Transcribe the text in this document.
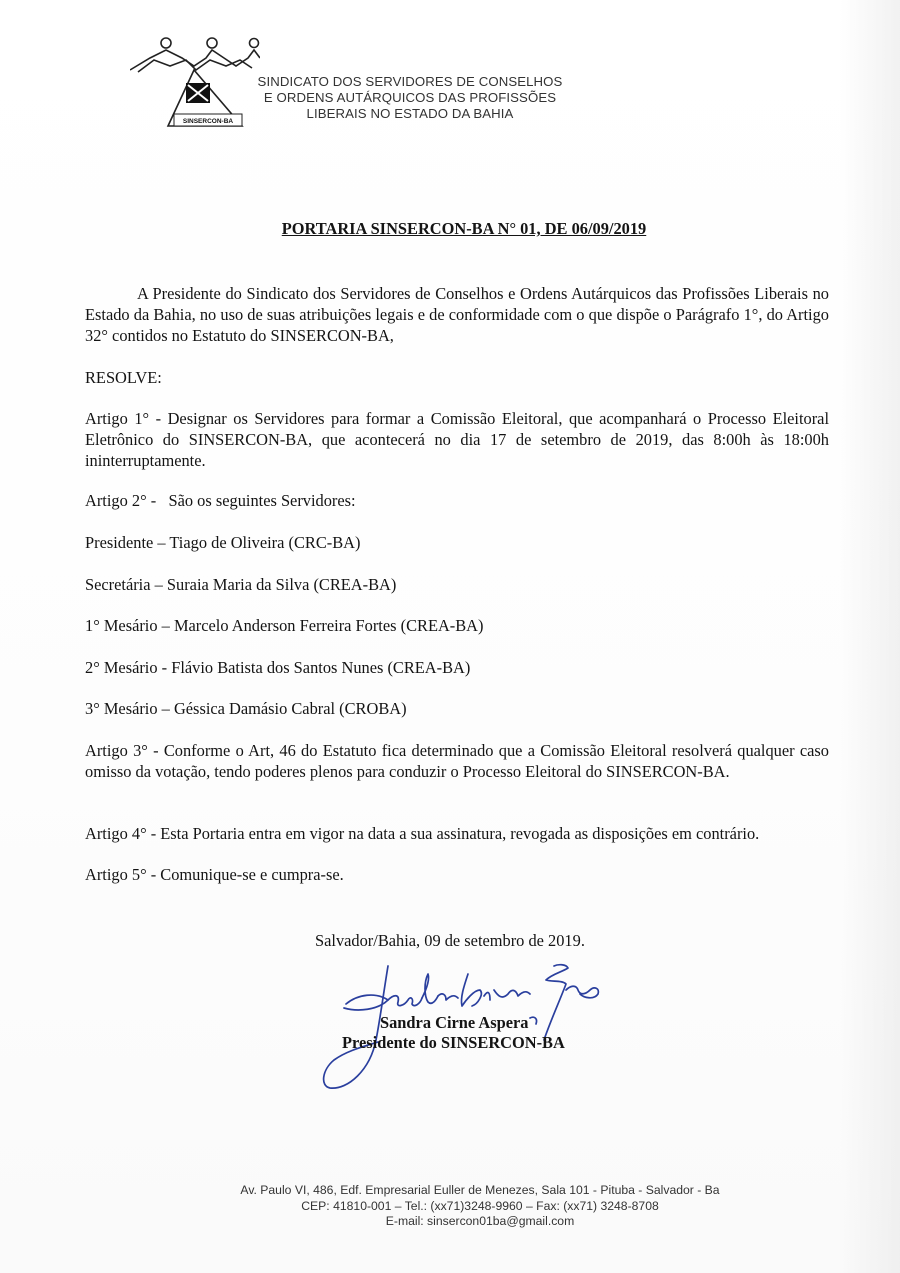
SINSERCON-BA
SINDICATO DOS SERVIDORES DE CONSELHOS
E ORDENS AUTÁRQUICOS DAS PROFISSÕES
LIBERAIS NO ESTADO DA BAHIA
PORTARIA SINSERCON-BA N° 01, DE 06/09/2019
A Presidente do Sindicato dos Servidores de Conselhos e Ordens Autárquicos das Profissões Liberais no Estado da Bahia, no uso de suas atribuições legais e de conformidade com o que dispõe o Parágrafo 1°, do Artigo 32° contidos no Estatuto do SINSERCON-BA,
RESOLVE:
Artigo 1° - Designar os Servidores para formar a Comissão Eleitoral, que acompanhará o Processo Eleitoral Eletrônico do SINSERCON-BA, que acontecerá no dia 17 de setembro de 2019, das 8:00h às 18:00h ininterruptamente.
Artigo 2° -   São os seguintes Servidores:
Presidente – Tiago de Oliveira (CRC-BA)
Secretária – Suraia Maria da Silva (CREA-BA)
1° Mesário – Marcelo Anderson Ferreira Fortes (CREA-BA)
2° Mesário - Flávio Batista dos Santos Nunes (CREA-BA)
3° Mesário – Géssica Damásio Cabral (CROBA)
Artigo 3° - Conforme o Art, 46 do Estatuto fica determinado que a Comissão Eleitoral resolverá qualquer caso omisso da votação, tendo poderes plenos para conduzir o Processo Eleitoral do SINSERCON-BA.
Artigo 4° - Esta Portaria entra em vigor na data a sua assinatura, revogada as disposições em contrário.
Artigo 5° - Comunique-se e cumpra-se.
Salvador/Bahia, 09 de setembro de 2019.
Sandra Cirne Aspera
Presidente do SINSERCON-BA
Av. Paulo VI, 486, Edf. Empresarial Euller de Menezes, Sala 101 - Pituba - Salvador - Ba
CEP: 41810-001 – Tel.: (xx71)3248-9960 – Fax: (xx71) 3248-8708
E-mail: sinsercon01ba@gmail.com
